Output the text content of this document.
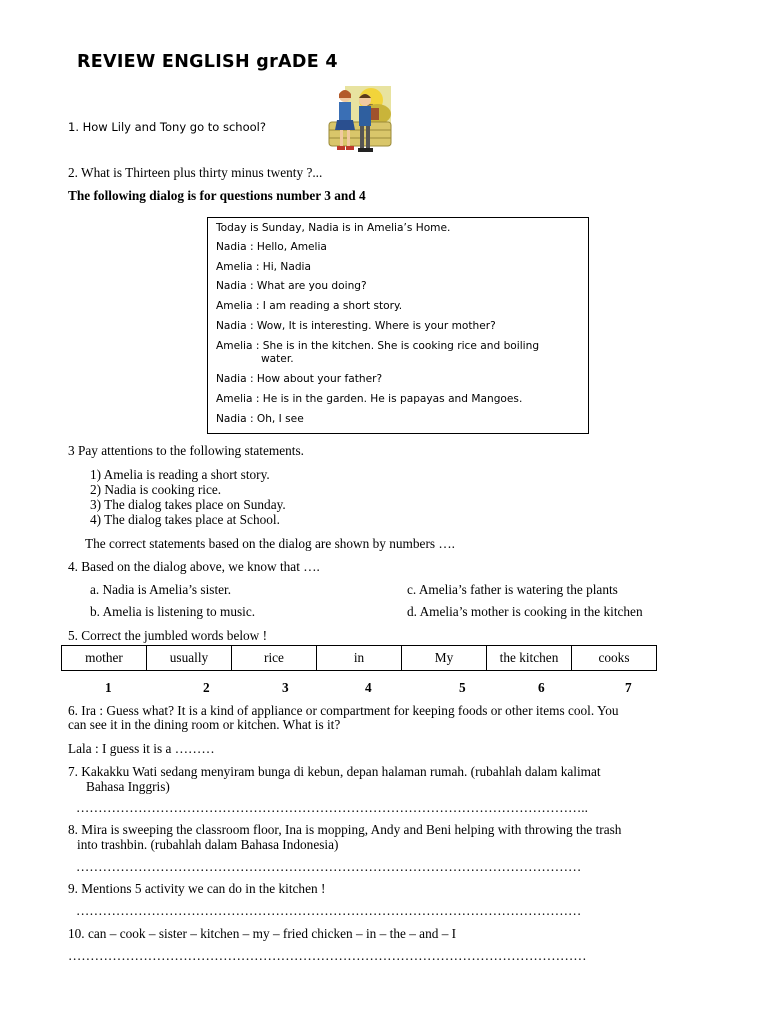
REVIEW ENGLISH grADE 4
1. How Lily and Tony go to school?
2. What is Thirteen plus thirty minus twenty ?...
The following dialog is for questions number 3 and 4
Today is Sunday, Nadia is in Amelia’s Home.
Nadia : Hello, Amelia
Amelia : Hi, Nadia
Nadia : What are you doing?
Amelia : I am reading a short story.
Nadia : Wow, It is interesting. Where is your mother?
Amelia : She is in the kitchen. She is cooking rice and boiling
water.
Nadia : How about your father?
Amelia : He is in the garden. He is papayas and Mangoes.
Nadia : Oh, I see
3 Pay attentions to the following statements.
1) Amelia is reading a short story.
2) Nadia is cooking rice.
3) The dialog takes place on Sunday.
4) The dialog takes place at School.
The correct statements based on the dialog are shown by numbers ….
4. Based on the dialog above, we know that ….
a. Nadia is Amelia’s sister.	c. Amelia’s father is watering the plants
b. Amelia is listening to music.	d. Amelia’s mother is cooking in the kitchen
5. Correct the jumbled words below !
mother	usually	rice	in	My	the kitchen	cooks
1	2	3	4	5	6	7
6. Ira : Guess what? It is a kind of appliance or compartment for keeping foods or other items cool. You
can see it in the dining room or kitchen. What is it?
Lala : I guess it is a ………
7. Kakakku Wati sedang menyiram bunga di kebun, depan halaman rumah. (rubahlah dalam kalimat
Bahasa Inggris)
……………………………………………………………………………………………………..
8. Mira is sweeping the classroom floor, Ina is mopping, Andy and Beni helping with throwing the trash
into trashbin. (rubahlah dalam Bahasa Indonesia)
……………………………………………………………………………………………………
9. Mentions 5 activity we can do in the kitchen !
……………………………………………………………………………………………………
10. can – cook – sister – kitchen – my – fried chicken – in – the – and – I
………………………………………………………………………………………………………
